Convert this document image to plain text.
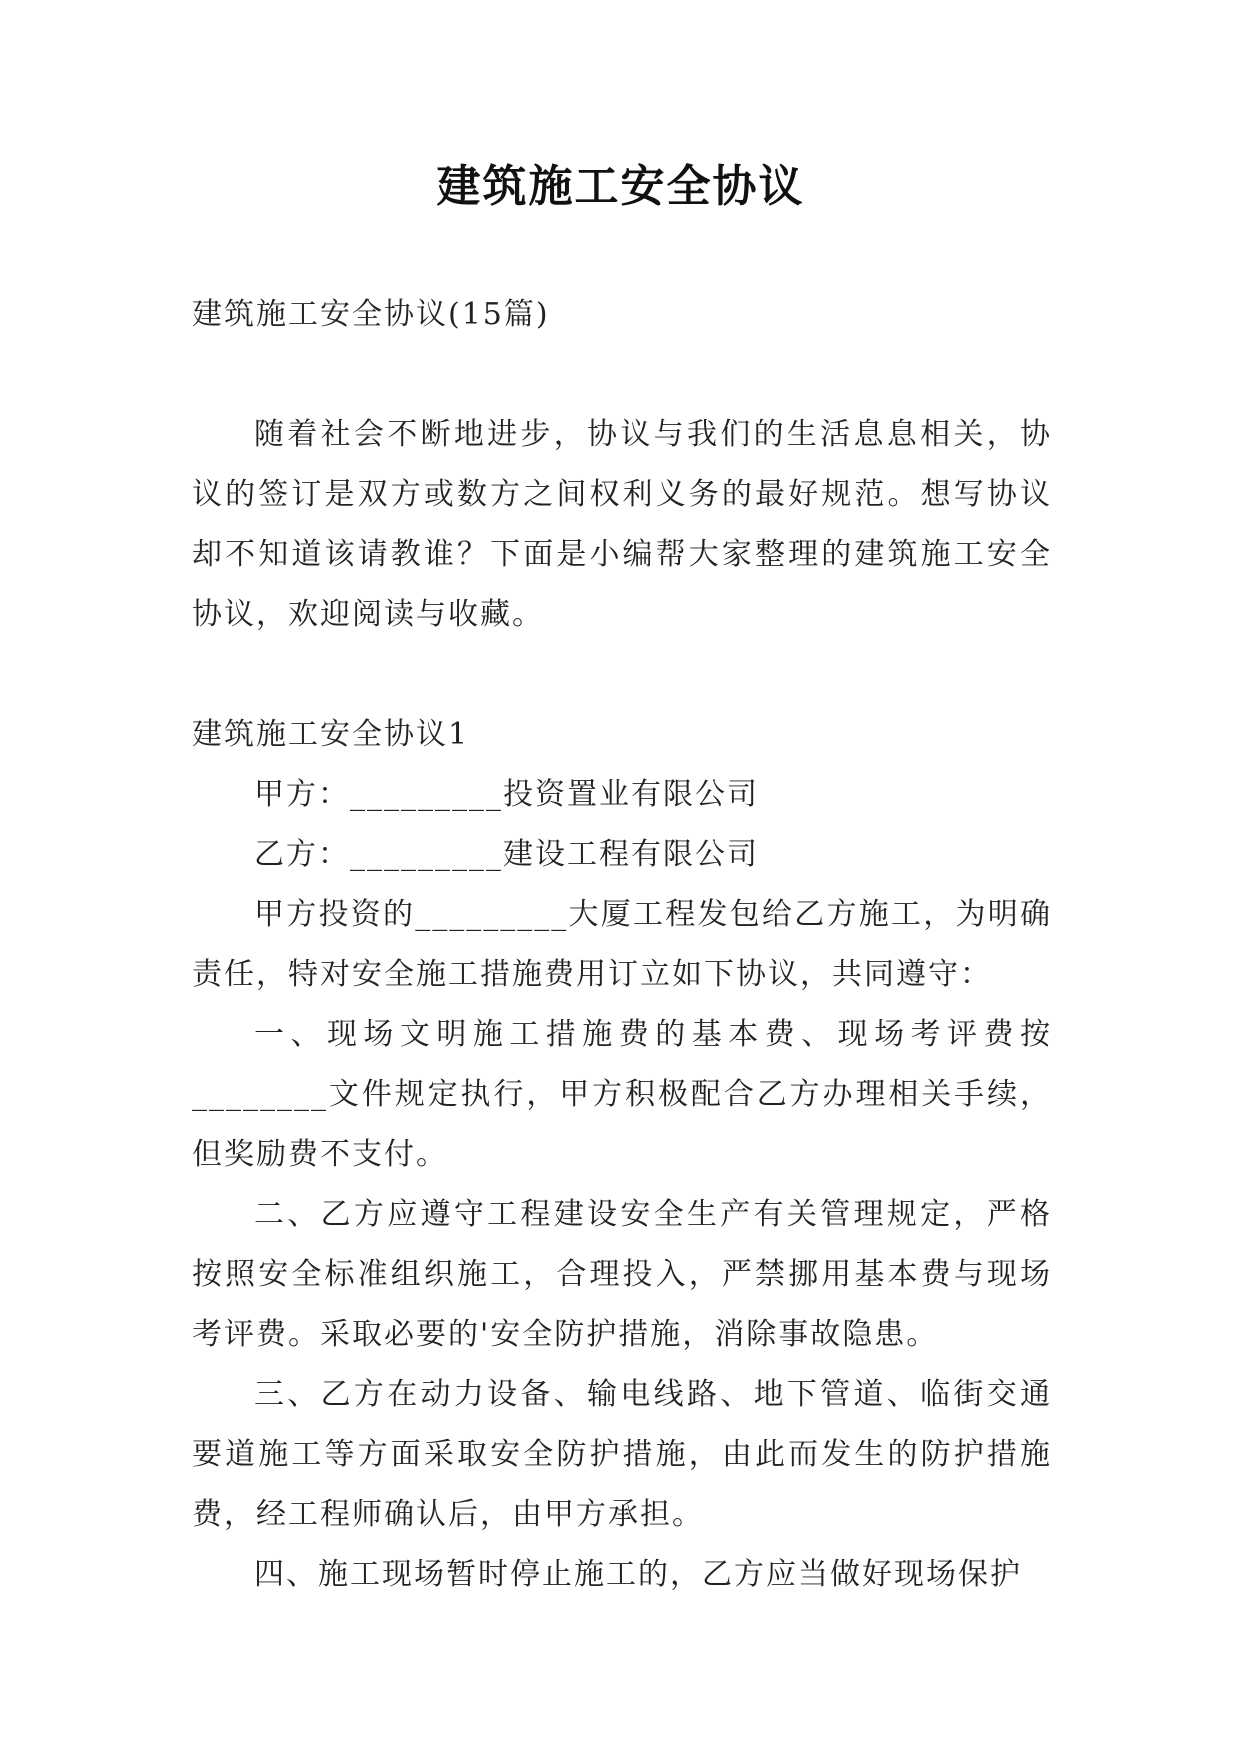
建筑施工安全协议

建筑施工安全协议(15篇)

随着社会不断地进步，协议与我们的生活息息相关，协议的签订是双方或数方之间权利义务的最好规范。想写协议却不知道该请教谁？下面是小编帮大家整理的建筑施工安全协议，欢迎阅读与收藏。

建筑施工安全协议1

甲方：_________投资置业有限公司

乙方：_________建设工程有限公司

甲方投资的_________大厦工程发包给乙方施工，为明确责任，特对安全施工措施费用订立如下协议，共同遵守：

一、现场文明施工措施费的基本费、现场考评费按________文件规定执行，甲方积极配合乙方办理相关手续，但奖励费不支付。

二、乙方应遵守工程建设安全生产有关管理规定，严格按照安全标准组织施工，合理投入，严禁挪用基本费与现场考评费。采取必要的'安全防护措施，消除事故隐患。

三、乙方在动力设备、输电线路、地下管道、临街交通要道施工等方面采取安全防护措施，由此而发生的防护措施费，经工程师确认后，由甲方承担。

四、施工现场暂时停止施工的，乙方应当做好现场保护
